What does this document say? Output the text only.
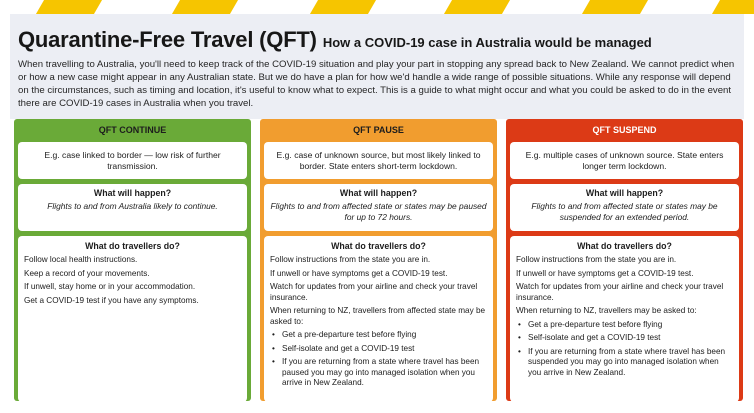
Quarantine-Free Travel (QFT) How a COVID-19 case in Australia would be managed

When travelling to Australia, you'll need to keep track of the COVID-19 situation and play your part in stopping any spread back to New Zealand. We cannot predict when or how a new case might appear in any Australian state. But we do have a plan for how we'd handle a wide range of possible situations. While any response will depend on the circumstances, such as timing and location, it's useful to know what to expect. This is a guide to what might occur and what you could be asked to do in the event there are COVID-19 cases in Australia when you travel.

QFT CONTINUE
E.g. case linked to border — low risk of further transmission.
What will happen?
Flights to and from Australia likely to continue.
What do travellers do?

Follow local health instructions.

Keep a record of your movements.

If unwell, stay home or in your accommodation.

Get a COVID-19 test if you have any symptoms.

QFT PAUSE
E.g. case of unknown source, but most likely linked to border. State enters short-term lockdown.
What will happen?
Flights to and from affected state or states may be paused for up to 72 hours.
What do travellers do?

Follow instructions from the state you are in.

If unwell or have symptoms get a COVID-19 test.

Watch for updates from your airline and check your travel insurance.

When returning to NZ, travellers from affected state may be asked to:

• Get a pre-departure test before flying
• Self-isolate and get a COVID-19 test
• If you are returning from a state where travel has been paused you may go into managed isolation when you arrive in New Zealand.
QFT SUSPEND
E.g. multiple cases of unknown source. State enters longer term lockdown.
What will happen?
Flights to and from affected state or states may be suspended for an extended period.
What do travellers do?

Follow instructions from the state you are in.

If unwell or have symptoms get a COVID-19 test.

Watch for updates from your airline and check your travel insurance.

When returning to NZ, travellers may be asked to:

• Get a pre-departure test before flying
• Self-isolate and get a COVID-19 test
• If you are returning from a state where travel has been suspended you may go into managed isolation when you arrive in New Zealand.
